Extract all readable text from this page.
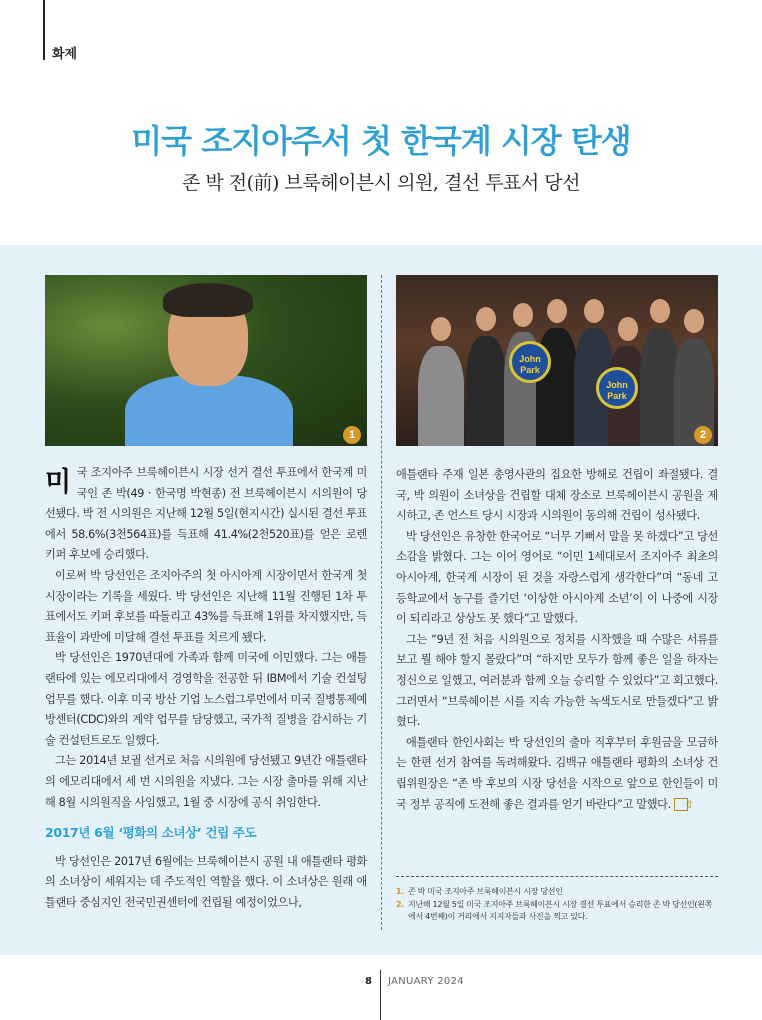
화제
미국 조지아주서 첫 한국계 시장 탄생
존 박 전(前) 브룩헤이븐시 의원, 결선 투표서 당선
1
John Park
John Park
2

미국 조지아주 브룩헤이븐시 시장 선거 결선 투표에서 한국계 미국인 존 박(49 · 한국명 박현종) 전 브룩헤이븐시 시의원이 당선됐다. 박 전 시의원은 지난해 12월 5일(현지시간) 실시된 결선 투표에서 58.6%(3천564표)를 득표해 41.4%(2천520표)를 얻은 로렌 키퍼 후보에 승리했다.

이로써 박 당선인은 조지아주의 첫 아시아계 시장이면서 한국계 첫 시장이라는 기록을 세웠다. 박 당선인은 지난해 11월 진행된 1차 투표에서도 키퍼 후보를 따돌리고 43%를 득표해 1위를 차지했지만, 득표율이 과반에 미달해 결선 투표를 치르게 됐다.

박 당선인은 1970년대에 가족과 함께 미국에 이민했다. 그는 애틀랜타에 있는 에모리대에서 경영학을 전공한 뒤 IBM에서 기술 컨설팅 업무를 했다. 이후 미국 방산 기업 노스럽그루먼에서 미국 질병통제예방센터(CDC)와의 계약 업무를 담당했고, 국가적 질병을 감시하는 기술 컨설턴트로도 일했다.

그는 2014년 보궐 선거로 처음 시의원에 당선됐고 9년간 애틀랜타의 에모리대에서 세 번 시의원을 지냈다. 그는 시장 출마를 위해 지난해 8월 시의원직을 사임했고, 1월 중 시장에 공식 취임한다.

2017년 6월 ‘평화의 소녀상’ 건립 주도

박 당선인은 2017년 6월에는 브룩헤이븐시 공원 내 애틀랜타 평화의 소녀상이 세워지는 데 주도적인 역할을 했다. 이 소녀상은 원래 애틀랜타 중심지인 전국민권센터에 건립될 예정이었으나,

애틀랜타 주재 일본 총영사관의 집요한 방해로 건립이 좌절됐다. 결국, 박 의원이 소녀상을 건립할 대체 장소로 브룩헤이븐시 공원을 제시하고, 존 언스트 당시 시장과 시의원이 동의해 건립이 성사됐다.

박 당선인은 유창한 한국어로 “너무 기뻐서 말을 못 하겠다”고 당선 소감을 밝혔다. 그는 이어 영어로 “이민 1세대로서 조지아주 최초의 아시아계, 한국계 시장이 된 것을 자랑스럽게 생각한다”며 “동네 고등학교에서 농구를 즐기던 ‘이상한 아시아계 소년’이 이 나중에 시장이 되리라고 상상도 못 했다”고 말했다.

그는 “9년 전 처음 시의원으로 정치를 시작했을 때 수많은 서류를 보고 뭘 해야 할지 몰랐다”며 “하지만 모두가 함께 좋은 일을 하자는 정신으로 일했고, 여러분과 함께 오늘 승리할 수 있었다”고 회고했다. 그러면서 “브룩헤이븐 시를 지속 가능한 녹색도시로 만들겠다”고 밝혔다.

애틀랜타 한인사회는 박 당선인의 출마 직후부터 후원금을 모금하는 한편 선거 참여를 독려해왔다. 김백규 애틀랜타 평화의 소녀상 건립위원장은 “존 박 후보의 시장 당선을 시작으로 앞으로 한인들이 미국 정부 공직에 도전해 좋은 결과를 얻기 바란다”고 말했다. 잡

1. 존 박 미국 조지아주 브룩헤이븐시 시장 당선인
2. 지난해 12월 5일 미국 조지아주 브룩헤이븐시 시장 결선 투표에서 승리한 존 박 당선인(왼쪽에서 4번째)이 거리에서 지지자들과 사진을 찍고 있다.
8 JANUARY 2024
